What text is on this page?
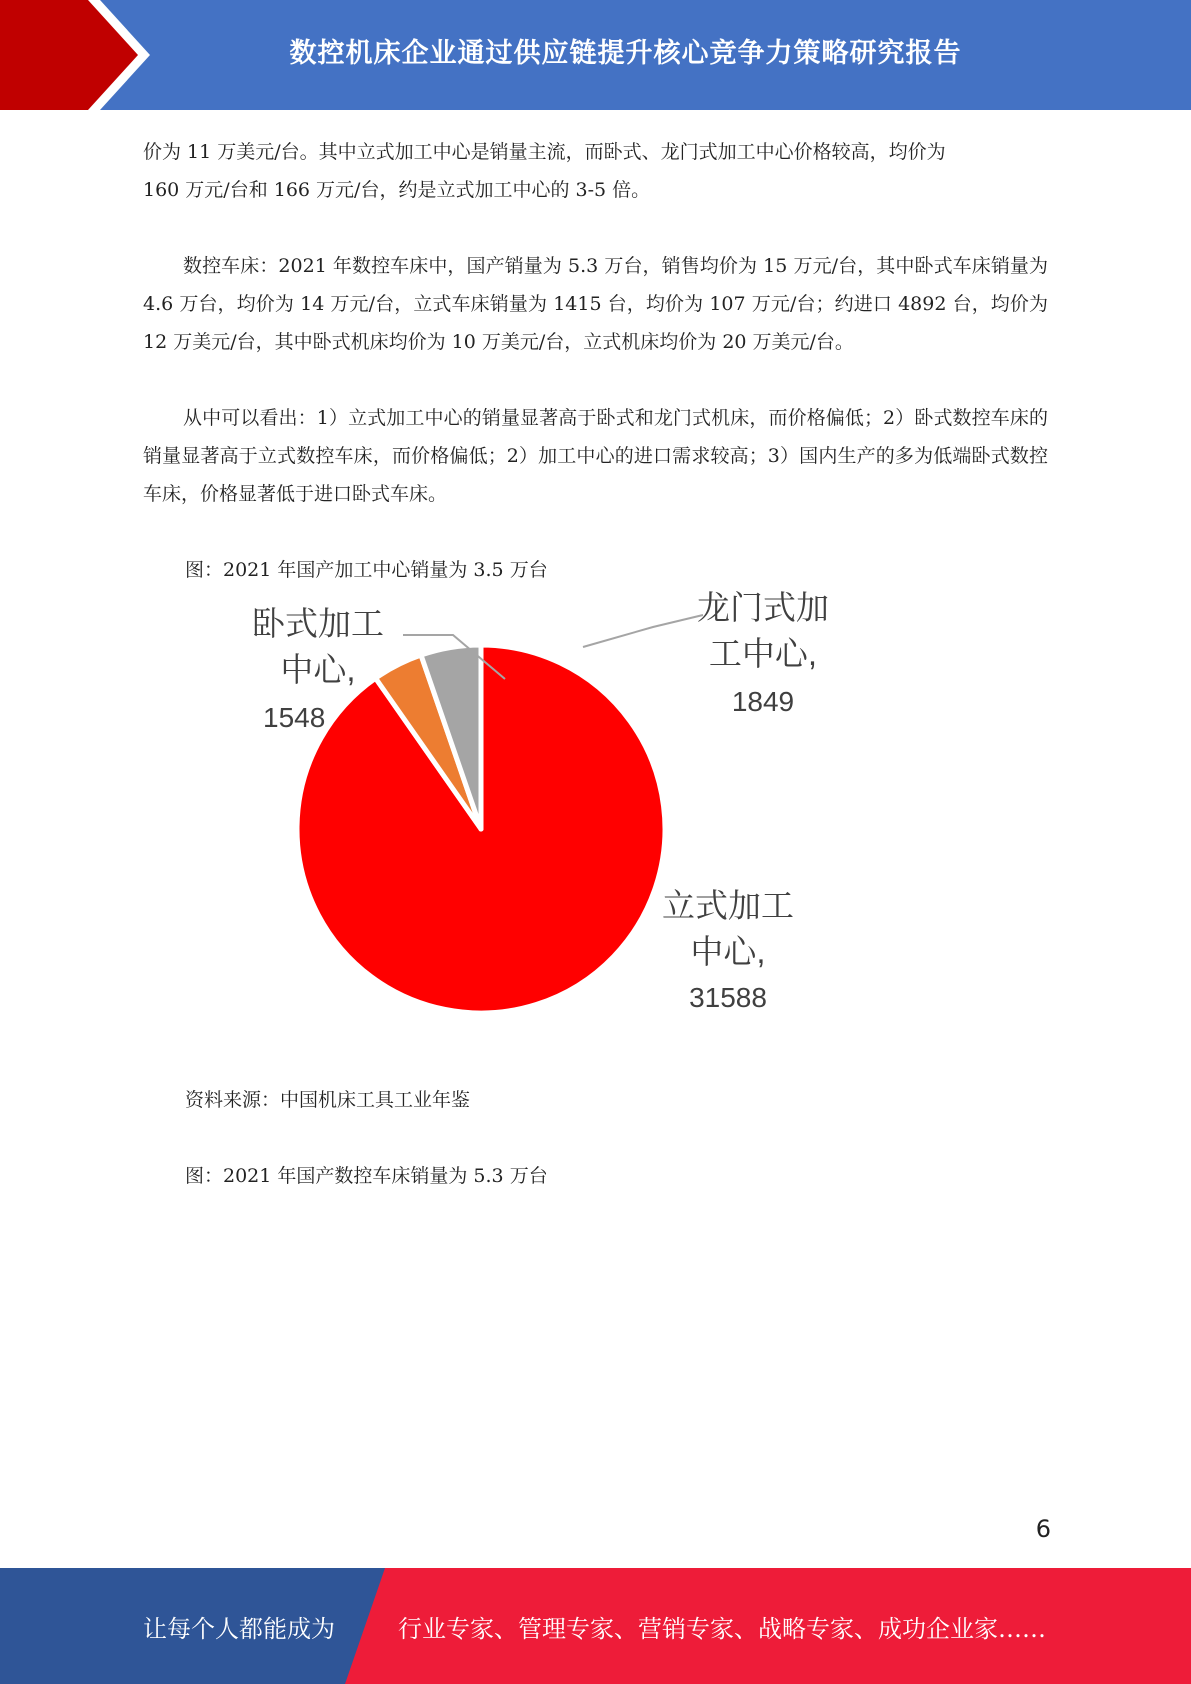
数控机床企业通过供应链提升核心竞争力策略研究报告

价为 11 万美元/台。其中立式加工中心是销量主流，而卧式、龙门式加工中心价格较高，均价为

160 万元/台和 166 万元/台，约是立式加工中心的 3-5 倍。

数控车床：2021 年数控车床中，国产销量为 5.3 万台，销售均价为 15 万元/台，其中卧式车床销量为 4.6 万台，均价为 14 万元/台，立式车床销量为 1415 台，均价为 107 万元/台；约进口 4892 台，均价为 12 万美元/台，其中卧式机床均价为 10 万美元/台，立式机床均价为 20 万美元/台。

从中可以看出：1）立式加工中心的销量显著高于卧式和龙门式机床，而价格偏低；2）卧式数控车床的销量显著高于立式数控车床，而价格偏低；2）加工中心的进口需求较高；3）国内生产的多为低端卧式数控车床，价格显著低于进口卧式车床。

图：2021 年国产加工中心销量为 3.5 万台

卧式加工
中心,
1548
龙门式加
工中心,
1849
立式加工
中心,
31588

资料来源：中国机床工具工业年鉴

图：2021 年国产数控车床销量为 5.3 万台

6
让每个人都能成为	行业专家、管理专家、营销专家、战略专家、成功企业家……
